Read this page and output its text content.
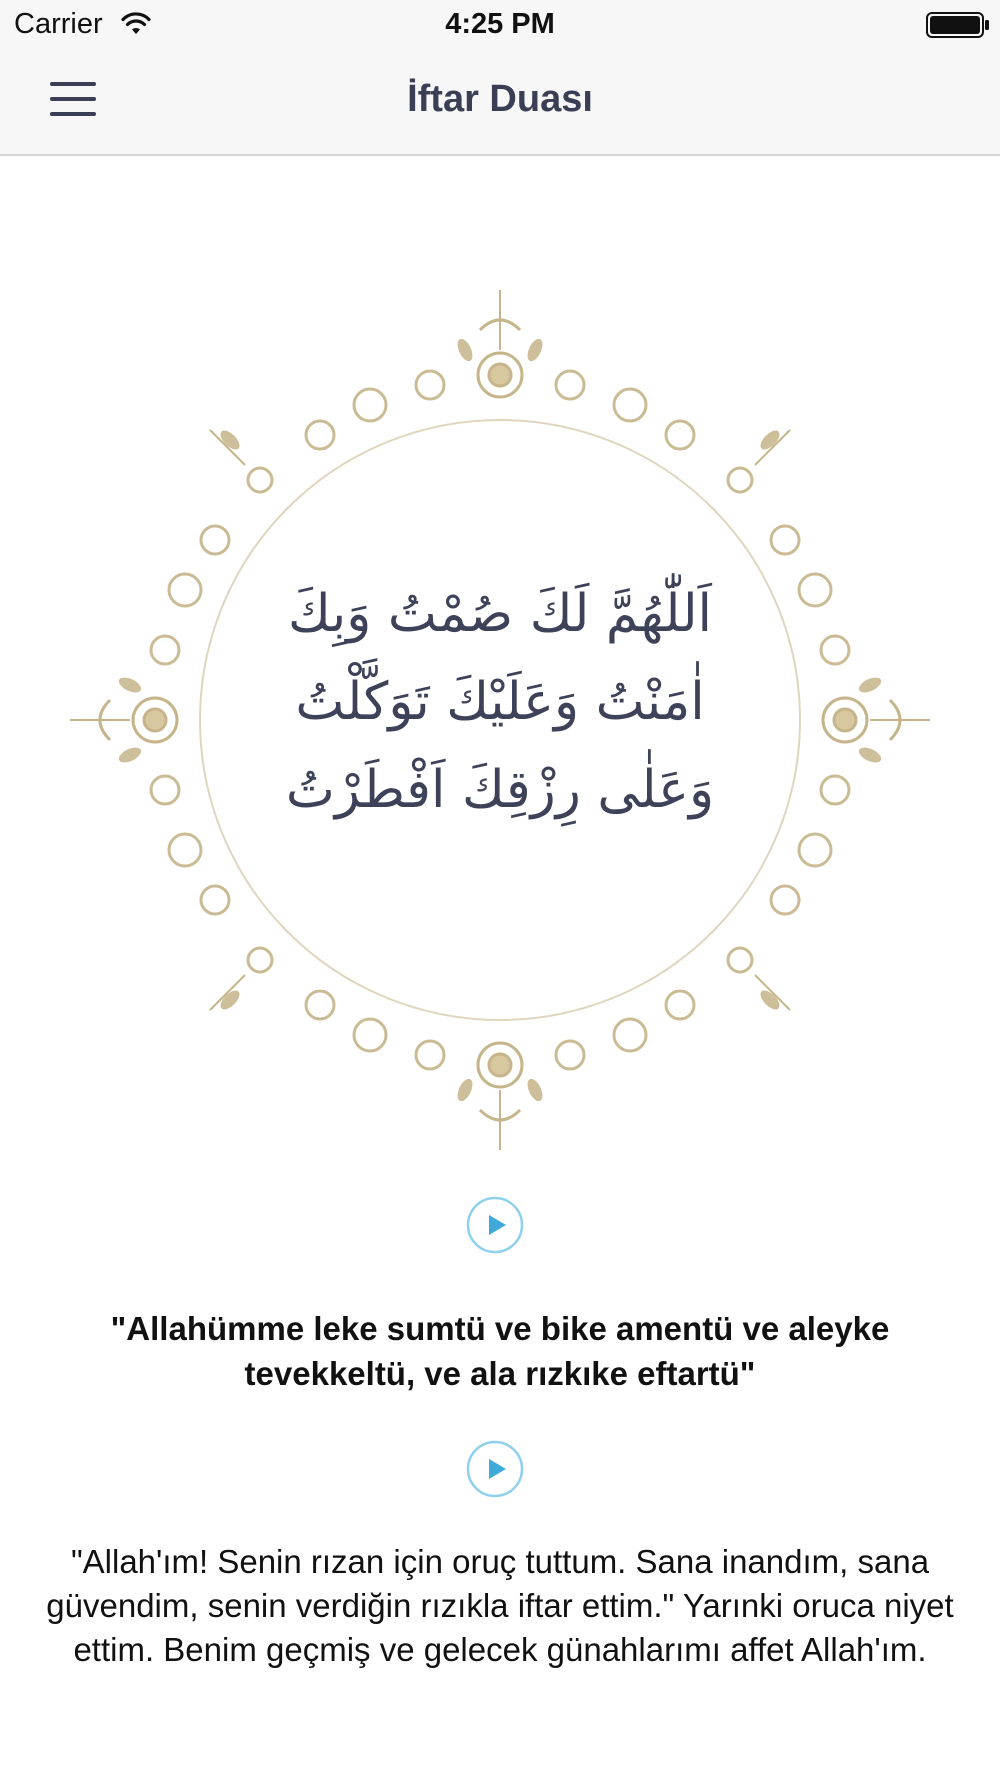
Carrier	4:25 PM
İftar Duası
اَللّٰهُمَّ لَكَ صُمْتُ وَبِكَ
اٰمَنْتُ وَعَلَيْكَ تَوَكَّلْتُ
وَعَلٰى رِزْقِكَ اَفْطَرْتُ
"Allahümme leke sumtü ve bike amentü ve aleyke tevekkeltü, ve ala rızkıke eftartü"
"Allah'ım! Senin rızan için oruç tuttum. Sana inandım, sana güvendim, senin verdiğin rızıkla iftar ettim." Yarınki oruca niyet ettim. Benim geçmiş ve gelecek günahlarımı affet Allah'ım.
